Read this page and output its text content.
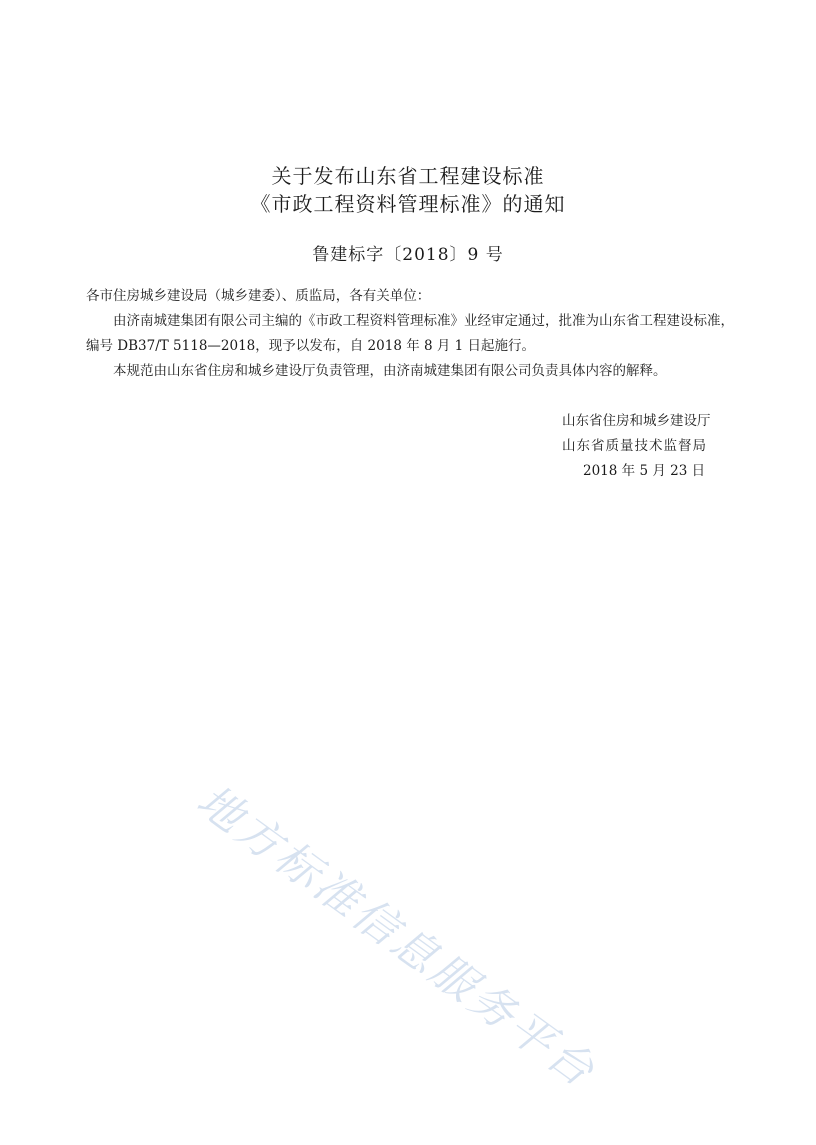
关于发布山东省工程建设标准
《市政工程资料管理标准》的通知
鲁建标字〔2018〕9 号
各市住房城乡建设局（城乡建委）、质监局，各有关单位：
由济南城建集团有限公司主编的《市政工程资料管理标准》业经审定通过，批准为山东省工程建设标准，编号 DB37/T 5118—2018，现予以发布，自 2018 年 8 月 1 日起施行。
本规范由山东省住房和城乡建设厅负责管理，由济南城建集团有限公司负责具体内容的解释。
山东省住房和城乡建设厅
山东省质量技术监督局
2018 年 5 月 23 日
地方标准信息服务平台
